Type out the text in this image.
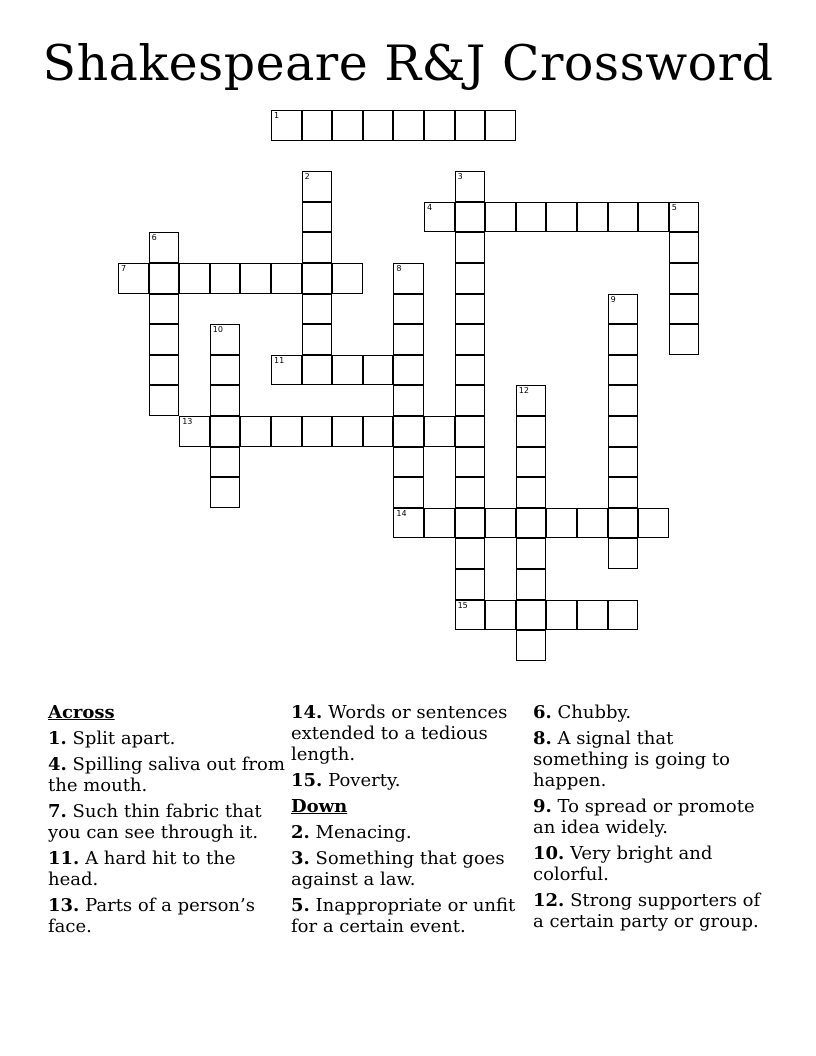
Shakespeare R&J Crossword
1
2	3
4	5
6
7	8
9
10
11
12
13
14
15
Across
1. Split apart.
4. Spilling saliva out from the mouth.
7. Such thin fabric that you can see through it.
11. A hard hit to the head.
13. Parts of a person’s face.
14. Words or sentences extended to a tedious length.
15. Poverty.
Down
2. Menacing.
3. Something that goes against a law.
5. Inappropriate or unfit for a certain event.
6. Chubby.
8. A signal that something is going to happen.
9. To spread or promote an idea widely.
10. Very bright and colorful.
12. Strong supporters of a certain party or group.
